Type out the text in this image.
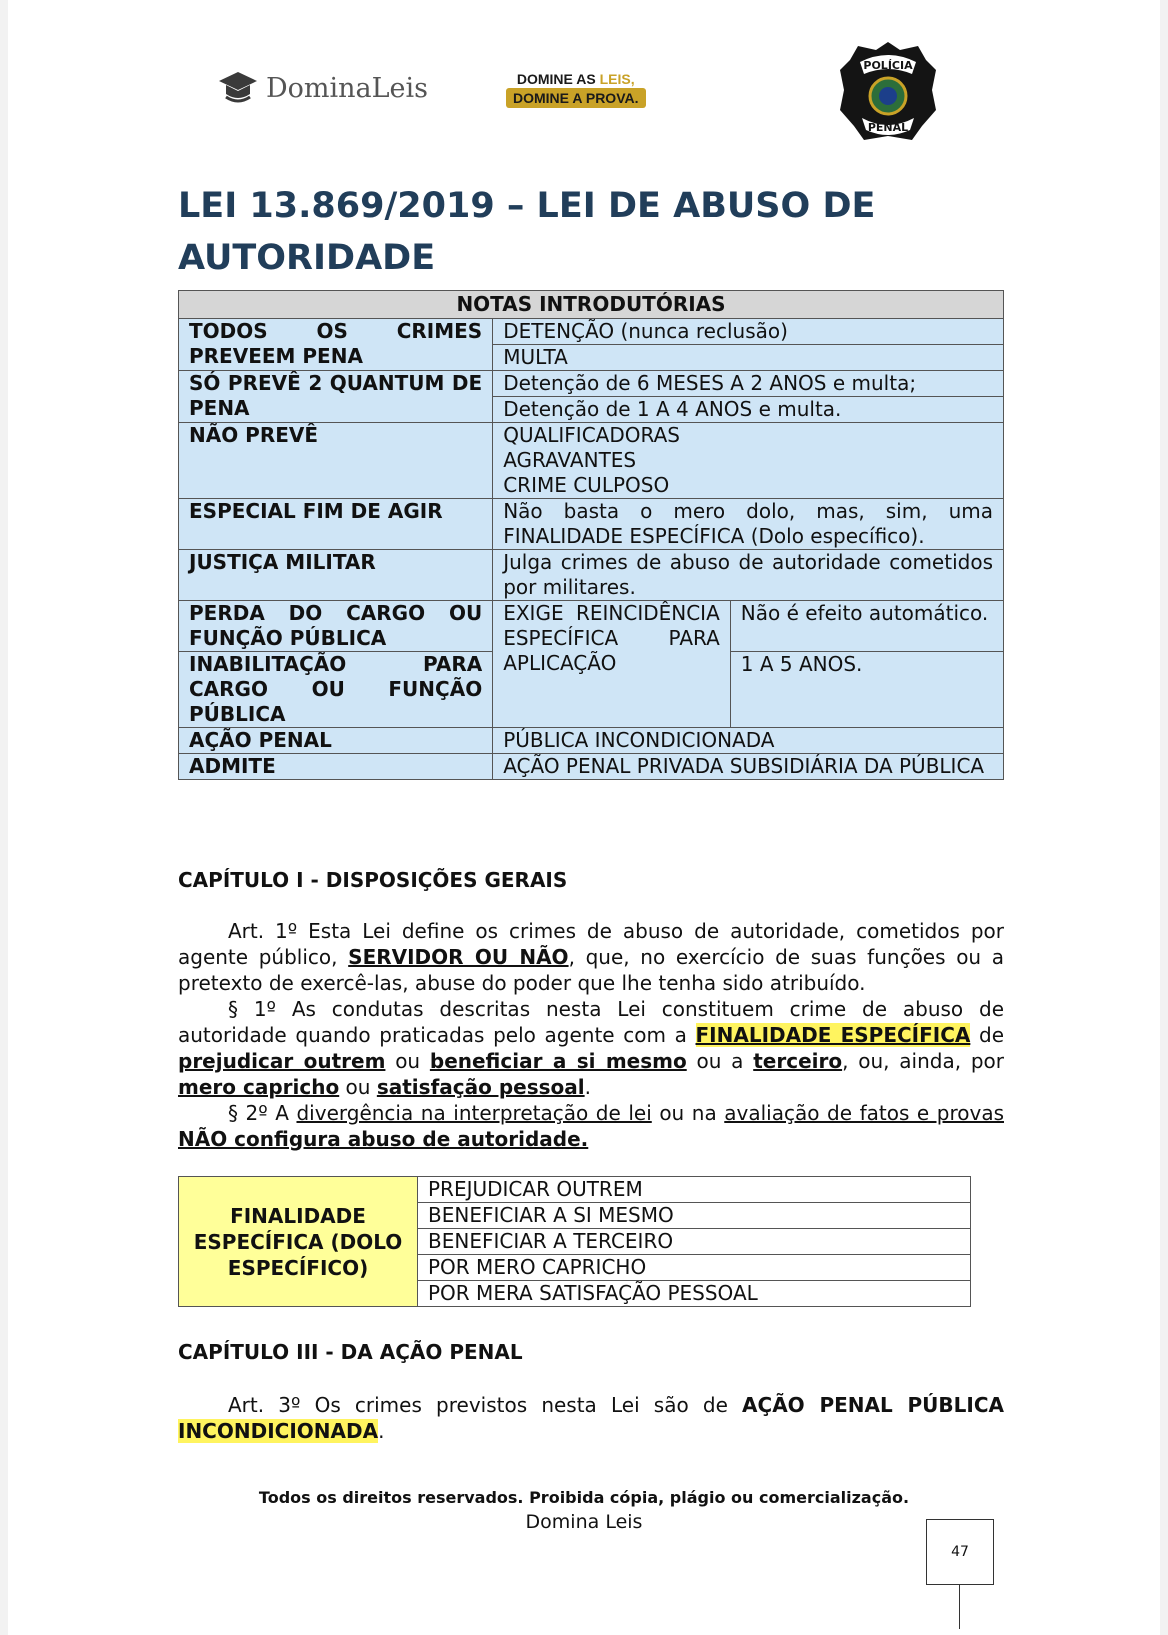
DominaLeis	DOMINE AS LEIS,
DOMINE A PROVA.
POLÍCIA
PENAL
LEI 13.869/2019 – LEI DE ABUSO DE AUTORIDADE
NOTAS INTRODUTÓRIAS		
TODOS OS CRIMES PREVEEM PENA	DETENÇÃO (nunca reclusão)	
	MULTA	
SÓ PREVÊ 2 QUANTUM DE PENA	Detenção de 6 MESES A 2 ANOS e multa;	
	Detenção de 1 A 4 ANOS e multa.	
NÃO PREVÊ	QUALIFICADORAS
AGRAVANTES
CRIME CULPOSO	

ESPECIAL FIM DE AGIR	Não basta o mero dolo, mas, sim, uma FINALIDADE ESPECÍFICA (Dolo específico).	
JUSTIÇA MILITAR	Julga crimes de abuso de autoridade cometidos por militares.	
PERDA DO CARGO OU FUNÇÃO PÚBLICA	EXIGE REINCIDÊNCIA ESPECÍFICA PARA APLICAÇÃO	Não é efeito automático.
INABILITAÇÃO PARA CARGO OU FUNÇÃO PÚBLICA		1 A 5 ANOS.
AÇÃO PENAL	PÚBLICA INCONDICIONADA	
ADMITE	AÇÃO PENAL PRIVADA SUBSIDIÁRIA DA PÚBLICA	
CAPÍTULO I - DISPOSIÇÕES GERAIS

Art. 1º Esta Lei define os crimes de abuso de autoridade, cometidos por agente público, SERVIDOR OU NÃO, que, no exercício de suas funções ou a pretexto de exercê-las, abuse do poder que lhe tenha sido atribuído.

§ 1º As condutas descritas nesta Lei constituem crime de abuso de autoridade quando praticadas pelo agente com a FINALIDADE ESPECÍFICA de prejudicar outrem ou beneficiar a si mesmo ou a terceiro, ou, ainda, por mero capricho ou satisfação pessoal.

§ 2º A divergência na interpretação de lei ou na avaliação de fatos e provas NÃO configura abuso de autoridade.

FINALIDADE ESPECÍFICA (DOLO ESPECÍFICO)	PREJUDICAR OUTREM
BENEFICIAR A SI MESMO
BENEFICIAR A TERCEIRO
POR MERO CAPRICHO
POR MERA SATISFAÇÃO PESSOAL
CAPÍTULO III - DA AÇÃO PENAL

Art. 3º Os crimes previstos nesta Lei são de AÇÃO PENAL PÚBLICA INCONDICIONADA.

Todos os direitos reservados. Proibida cópia, plágio ou comercialização.

Domina Leis

47
